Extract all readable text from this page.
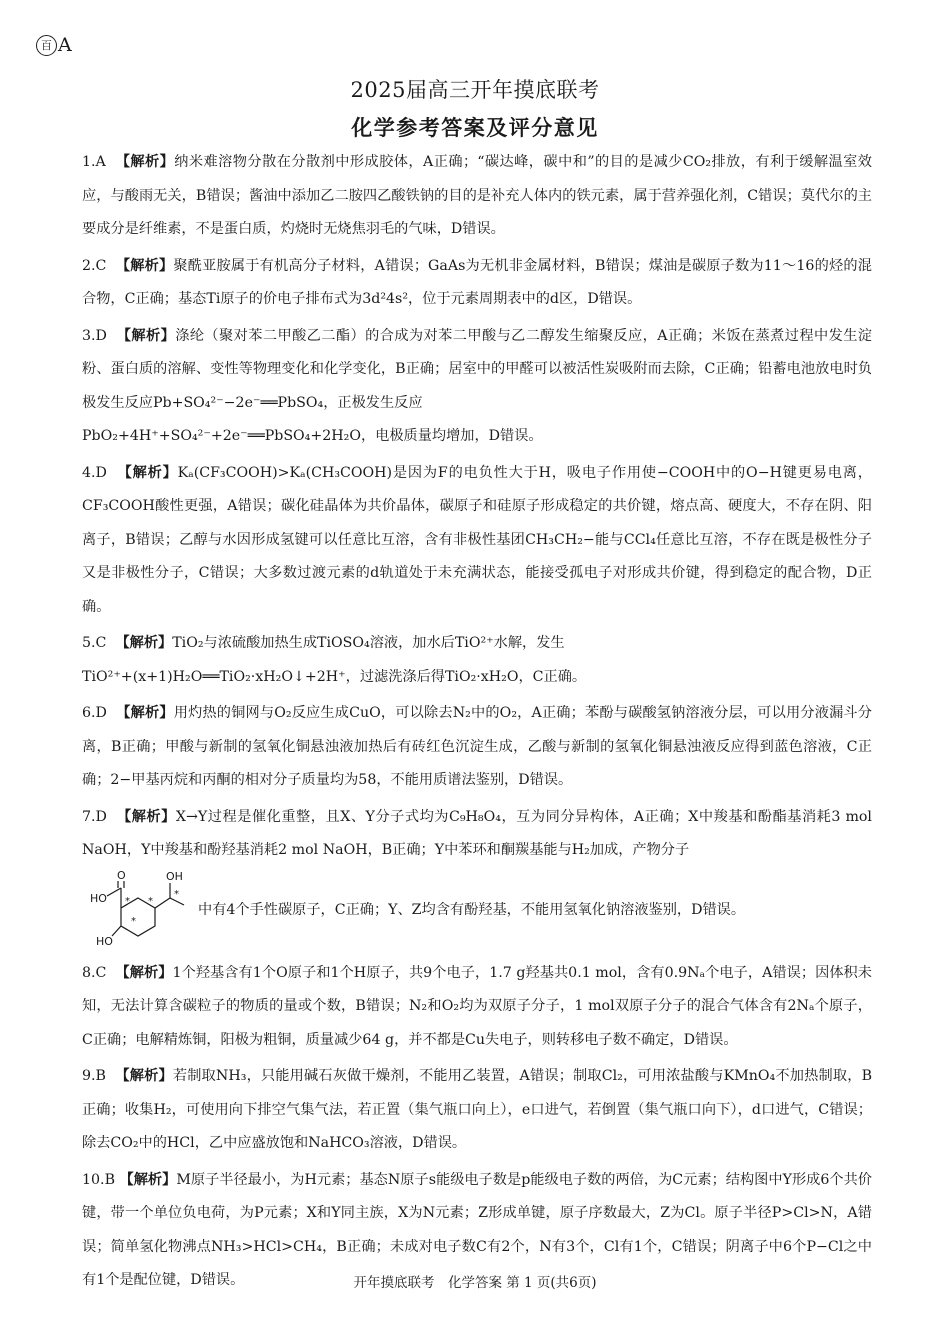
百 A
2025届高三开年摸底联考
化学参考答案及评分意见

1.A 【解析】纳米难溶物分散在分散剂中形成胶体，A正确；“碳达峰，碳中和”的目的是减少CO₂排放，有利于缓解温室效应，与酸雨无关，B错误；酱油中添加乙二胺四乙酸铁钠的目的是补充人体内的铁元素，属于营养强化剂，C错误；莫代尔的主要成分是纤维素，不是蛋白质，灼烧时无烧焦羽毛的气味，D错误。

2.C 【解析】聚酰亚胺属于有机高分子材料，A错误；GaAs为无机非金属材料，B错误；煤油是碳原子数为11～16的烃的混合物，C正确；基态Ti原子的价电子排布式为3d²4s²，位于元素周期表中的d区，D错误。

3.D 【解析】涤纶（聚对苯二甲酸乙二酯）的合成为对苯二甲酸与乙二醇发生缩聚反应，A正确；米饭在蒸煮过程中发生淀粉、蛋白质的溶解、变性等物理变化和化学变化，B正确；居室中的甲醛可以被活性炭吸附而去除，C正确；铅蓄电池放电时负极发生反应Pb+SO₄²⁻−2e⁻══PbSO₄，正极发生反应
PbO₂+4H⁺+SO₄²⁻+2e⁻══PbSO₄+2H₂O，电极质量均增加，D错误。

4.D 【解析】Kₐ(CF₃COOH)>Kₐ(CH₃COOH)是因为F的电负性大于H，吸电子作用使−COOH中的O−H键更易电离，CF₃COOH酸性更强，A错误；碳化硅晶体为共价晶体，碳原子和硅原子形成稳定的共价键，熔点高、硬度大，不存在阴、阳离子，B错误；乙醇与水因形成氢键可以任意比互溶，含有非极性基团CH₃CH₂−能与CCl₄任意比互溶，不存在既是极性分子又是非极性分子，C错误；大多数过渡元素的d轨道处于未充满状态，能接受孤电子对形成共价键，得到稳定的配合物，D正确。

5.C 【解析】TiO₂与浓硫酸加热生成TiOSO₄溶液，加水后TiO²⁺水解，发生
TiO²⁺+(x+1)H₂O══TiO₂·xH₂O↓+2H⁺，过滤洗涤后得TiO₂·xH₂O，C正确。

6.D 【解析】用灼热的铜网与O₂反应生成CuO，可以除去N₂中的O₂，A正确；苯酚与碳酸氢钠溶液分层，可以用分液漏斗分离，B正确；甲酸与新制的氢氧化铜悬浊液加热后有砖红色沉淀生成，乙酸与新制的氢氧化铜悬浊液反应得到蓝色溶液，C正确；2−甲基丙烷和丙酮的相对分子质量均为58，不能用质谱法鉴别，D错误。

7.D 【解析】X→Y过程是催化重整，且X、Y分子式均为C₉H₈O₄，互为同分异构体，A正确；X中羧基和酚酯基消耗3 mol NaOH，Y中羧基和酚羟基消耗2 mol NaOH，B正确；Y中苯环和酮羰基能与H₂加成，产物分子
O	OH
HO
HO
*
*
*
*
中有4个手性碳原子，C正确；Y、Z均含有酚羟基，不能用氢氧化钠溶液鉴别，D错误。

8.C 【解析】1个羟基含有1个O原子和1个H原子，共9个电子，1.7 g羟基共0.1 mol，含有0.9Nₐ个电子，A错误；因体积未知，无法计算含碳粒子的物质的量或个数，B错误；N₂和O₂均为双原子分子，1 mol双原子分子的混合气体含有2Nₐ个原子，C正确；电解精炼铜，阳极为粗铜，质量减少64 g，并不都是Cu失电子，则转移电子数不确定，D错误。

9.B 【解析】若制取NH₃，只能用碱石灰做干燥剂，不能用乙装置，A错误；制取Cl₂，可用浓盐酸与KMnO₄不加热制取，B正确；收集H₂，可使用向下排空气集气法，若正置（集气瓶口向上），e口进气，若倒置（集气瓶口向下），d口进气，C错误；除去CO₂中的HCl，乙中应盛放饱和NaHCO₃溶液，D错误。

10.B 【解析】M原子半径最小，为H元素；基态N原子s能级电子数是p能级电子数的两倍，为C元素；结构图中Y形成6个共价键，带一个单位负电荷，为P元素；X和Y同主族，X为N元素；Z形成单键，原子序数最大，Z为Cl。原子半径P>Cl>N，A错误；简单氢化物沸点NH₃>HCl>CH₄，B正确；未成对电子数C有2个，N有3个，Cl有1个，C错误；阴离子中6个P−Cl之中有1个是配位键，D错误。	开年摸底联考　化学答案 第 1 页(共6页)
